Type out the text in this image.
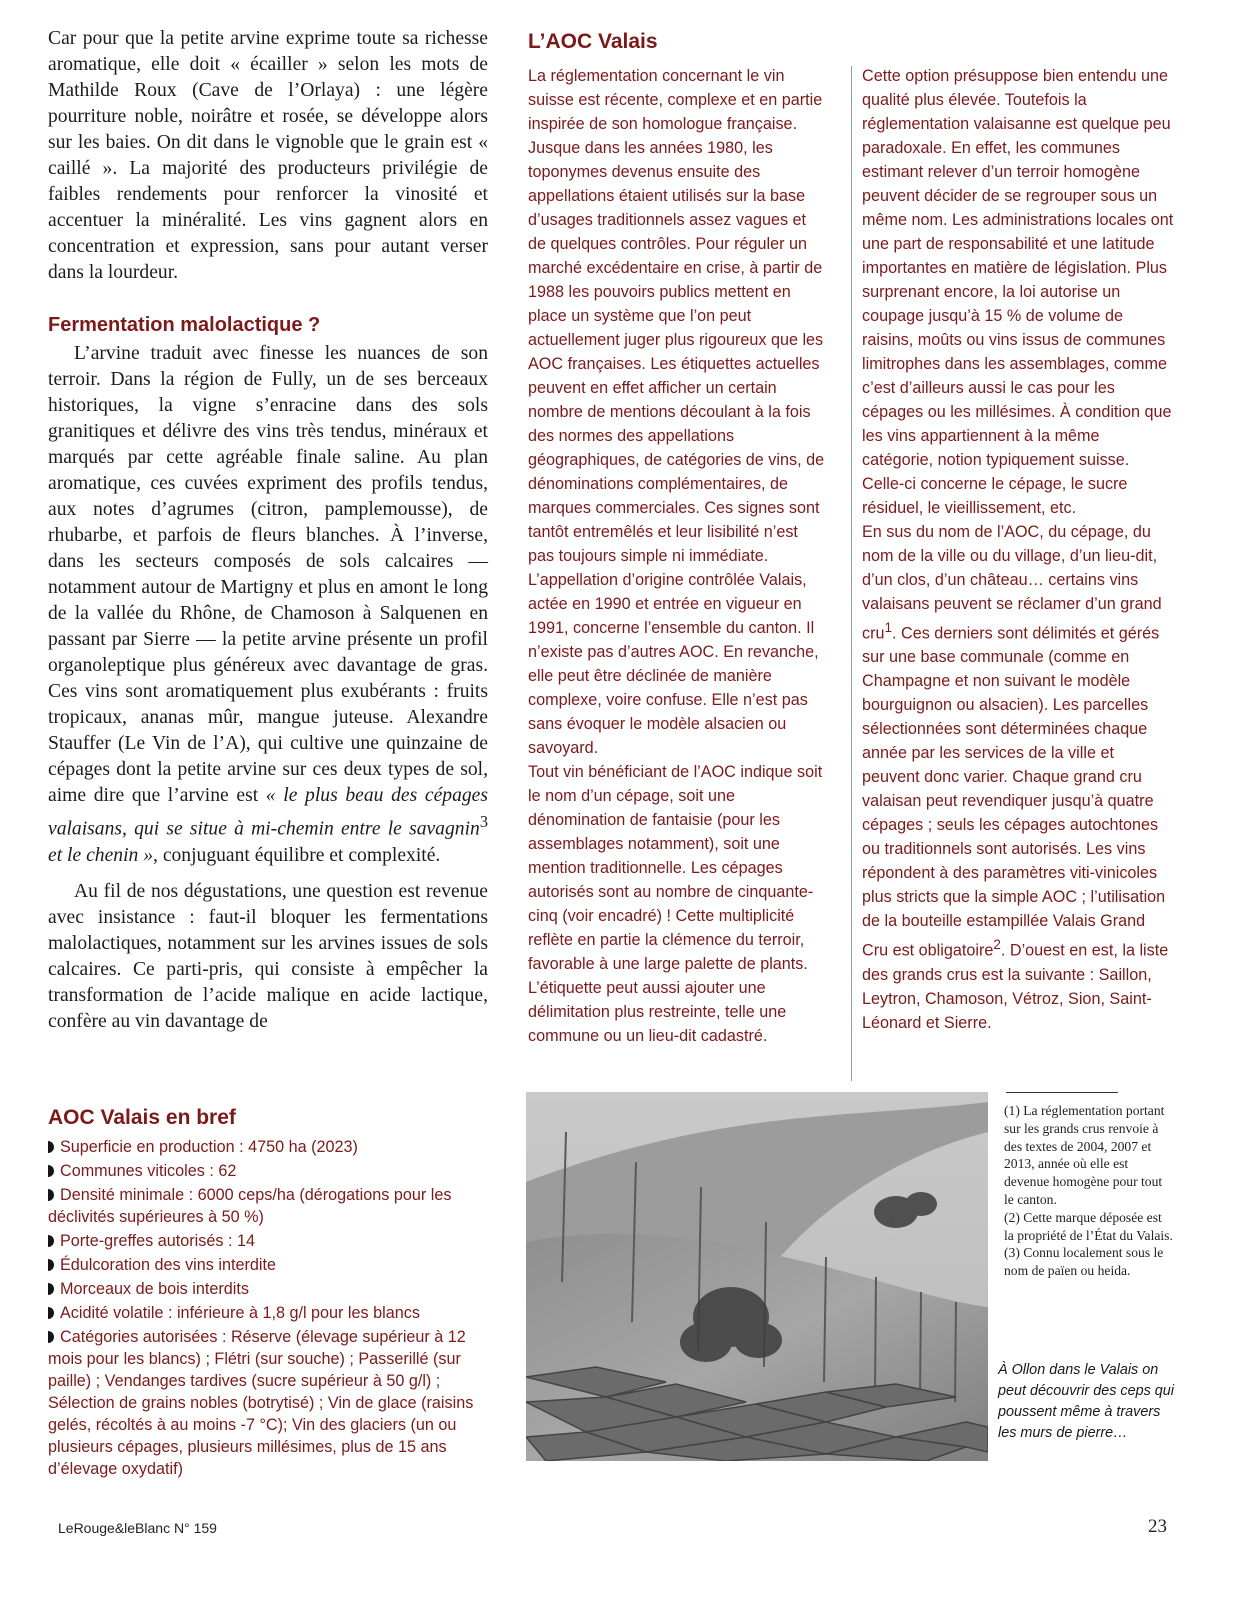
Car pour que la petite arvine exprime toute sa richesse aromatique, elle doit « écailler » selon les mots de Mathilde Roux (Cave de l’Orlaya) : une légère pourriture noble, noirâtre et rosée, se développe alors sur les baies. On dit dans le vignoble que le grain est « caillé ». La majorité des producteurs privilégie de faibles rendements pour renforcer la vinosité et accentuer la minéralité. Les vins gagnent alors en concentration et expression, sans pour autant verser dans la lourdeur.

Fermentation malolactique ?

L’arvine traduit avec finesse les nuances de son terroir. Dans la région de Fully, un de ses berceaux historiques, la vigne s’enracine dans des sols granitiques et délivre des vins très tendus, minéraux et marqués par cette agréable finale saline. Au plan aromatique, ces cuvées expriment des profils tendus, aux notes d’agrumes (citron, pamplemousse), de rhubarbe, et parfois de fleurs blanches. À l’inverse, dans les secteurs composés de sols calcaires — notamment autour de Martigny et plus en amont le long de la vallée du Rhône, de Chamoson à Salquenen en passant par Sierre — la petite arvine présente un profil organoleptique plus généreux avec davantage de gras. Ces vins sont aromatiquement plus exubérants : fruits tropicaux, ananas mûr, mangue juteuse. Alexandre Stauffer (Le Vin de l’A), qui cultive une quinzaine de cépages dont la petite arvine sur ces deux types de sol, aime dire que l’arvine est « le plus beau des cépages valaisans, qui se situe à mi-chemin entre le savagnin$^3$ et le chenin », conjuguant équilibre et complexité.

Au fil de nos dégustations, une question est revenue avec insistance : faut-il bloquer les fermentations malolactiques, notamment sur les arvines issues de sols calcaires. Ce parti-pris, qui consiste à empêcher la transformation de l’acide malique en acide lactique, confère au vin davantage de

L’AOC Valais

La réglementation concernant le vin suisse est récente, complexe et en partie inspirée de son homologue française. Jusque dans les années 1980, les toponymes devenus ensuite des appellations étaient utilisés sur la base d’usages traditionnels assez vagues et de quelques contrôles. Pour réguler un marché excédentaire en crise, à partir de 1988 les pouvoirs publics mettent en place un système que l’on peut actuellement juger plus rigoureux que les AOC françaises. Les étiquettes actuelles peuvent en effet afficher un certain nombre de mentions découlant à la fois des normes des appellations géographiques, de catégories de vins, de dénominations complémentaires, de marques commerciales. Ces signes sont tantôt entremêlés et leur lisibilité n’est pas toujours simple ni immédiate. L’appellation d’origine contrôlée Valais, actée en 1990 et entrée en vigueur en 1991, concerne l’ensemble du canton. Il n’existe pas d’autres AOC. En revanche, elle peut être déclinée de manière complexe, voire confuse. Elle n’est pas sans évoquer le modèle alsacien ou savoyard.

Tout vin bénéficiant de l’AOC indique soit le nom d’un cépage, soit une dénomination de fantaisie (pour les assemblages notamment), soit une mention traditionnelle. Les cépages autorisés sont au nombre de cinquante-cinq (voir encadré) ! Cette multiplicité reflète en partie la clémence du terroir, favorable à une large palette de plants. L’étiquette peut aussi ajouter une délimitation plus restreinte, telle une commune ou un lieu-dit cadastré.

Cette option présuppose bien entendu une qualité plus élevée. Toutefois la réglementation valaisanne est quelque peu paradoxale. En effet, les communes estimant relever d’un terroir homogène peuvent décider de se regrouper sous un même nom. Les administrations locales ont une part de responsabilité et une latitude importantes en matière de législation. Plus surprenant encore, la loi autorise un coupage jusqu’à 15 % de volume de raisins, moûts ou vins issus de communes limitrophes dans les assemblages, comme c’est d’ailleurs aussi le cas pour les cépages ou les millésimes. À condition que les vins appartiennent à la même catégorie, notion typiquement suisse. Celle-ci concerne le cépage, le sucre résiduel, le vieillissement, etc.

En sus du nom de l’AOC, du cépage, du nom de la ville ou du village, d’un lieu-dit, d’un clos, d’un château… certains vins valaisans peuvent se réclamer d’un grand cru$^1$. Ces derniers sont délimités et gérés sur une base communale (comme en Champagne et non suivant le modèle bourguignon ou alsacien). Les parcelles sélectionnées sont déterminées chaque année par les services de la ville et peuvent donc varier. Chaque grand cru valaisan peut revendiquer jusqu’à quatre cépages ; seuls les cépages autochtones ou traditionnels sont autorisés. Les vins répondent à des paramètres viti-vinicoles plus stricts que la simple AOC ; l’utilisation de la bouteille estampillée Valais Grand Cru est obligatoire$^2$. D’ouest en est, la liste des grands crus est la suivante : Saillon, Leytron, Chamoson, Vétroz, Sion, Saint-Léonard et Sierre.

AOC Valais en bref
Superficie en production : 4750 ha (2023)
Communes viticoles : 62
Densité minimale : 6000 ceps/ha (dérogations pour les déclivités supérieures à 50 %)
Porte-greffes autorisés : 14
Édulcoration des vins interdite
Morceaux de bois interdits
Acidité volatile : inférieure à 1,8 g/l pour les blancs
Catégories autorisées : Réserve (élevage supérieur à 12 mois pour les blancs) ; Flétri (sur souche) ; Passerillé (sur paille) ; Vendanges tardives (sucre supérieur à 50 g/l) ; Sélection de grains nobles (botrytisé) ; Vin de glace (raisins gelés, récoltés à au moins -7 °C); Vin des glaciers (un ou plusieurs cépages, plusieurs millésimes, plus de 15 ans d’élevage oxydatif)

(1) La réglementation portant sur les grands crus renvoie à des textes de 2004, 2007 et 2013, année où elle est devenue homogène pour tout le canton.

(2) Cette marque déposée est la propriété de l’État du Valais.

(3) Connu localement sous le nom de païen ou heida.

À Ollon dans le Valais on peut découvrir des ceps qui poussent même à travers les murs de pierre…
LeRouge&leBlanc N° 159	23
